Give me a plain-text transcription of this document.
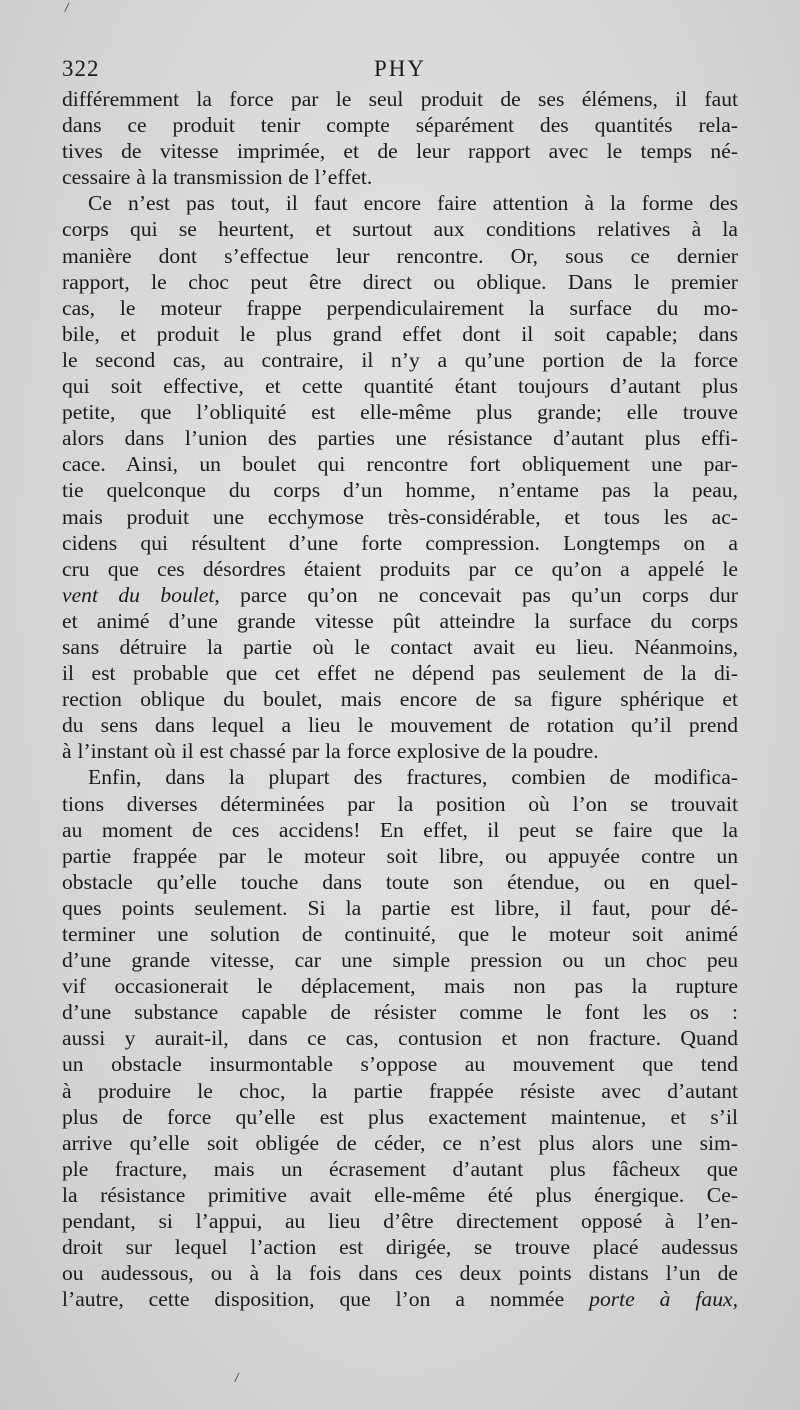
322	PHY
différemment la force par le seul produit de ses élémens, il faut
dans ce produit tenir compte séparément des quantités rela-
tives de vitesse imprimée, et de leur rapport avec le temps né-
cessaire à la transmission de l’effet.
Ce n’est pas tout, il faut encore faire attention à la forme des
corps qui se heurtent, et surtout aux conditions relatives à la
manière dont s’effectue leur rencontre. Or, sous ce dernier
rapport, le choc peut être direct ou oblique. Dans le premier
cas, le moteur frappe perpendiculairement la surface du mo-
bile, et produit le plus grand effet dont il soit capable; dans
le second cas, au contraire, il n’y a qu’une portion de la force
qui soit effective, et cette quantité étant toujours d’autant plus
petite, que l’obliquité est elle-même plus grande; elle trouve
alors dans l’union des parties une résistance d’autant plus effi-
cace. Ainsi, un boulet qui rencontre fort obliquement une par-
tie quelconque du corps d’un homme, n’entame pas la peau,
mais produit une ecchymose très-considérable, et tous les ac-
cidens qui résultent d’une forte compression. Longtemps on a
cru que ces désordres étaient produits par ce qu’on a appelé le
vent du boulet, parce qu’on ne concevait pas qu’un corps dur
et animé d’une grande vitesse pût atteindre la surface du corps
sans détruire la partie où le contact avait eu lieu. Néanmoins,
il est probable que cet effet ne dépend pas seulement de la di-
rection oblique du boulet, mais encore de sa figure sphérique et
du sens dans lequel a lieu le mouvement de rotation qu’il prend
à l’instant où il est chassé par la force explosive de la poudre.
Enfin, dans la plupart des fractures, combien de modifica-
tions diverses déterminées par la position où l’on se trouvait
au moment de ces accidens! En effet, il peut se faire que la
partie frappée par le moteur soit libre, ou appuyée contre un
obstacle qu’elle touche dans toute son étendue, ou en quel-
ques points seulement. Si la partie est libre, il faut, pour dé-
terminer une solution de continuité, que le moteur soit animé
d’une grande vitesse, car une simple pression ou un choc peu
vif occasionerait le déplacement, mais non pas la rupture
d’une substance capable de résister comme le font les os :
aussi y aurait-il, dans ce cas, contusion et non fracture. Quand
un obstacle insurmontable s’oppose au mouvement que tend
à produire le choc, la partie frappée résiste avec d’autant
plus de force qu’elle est plus exactement maintenue, et s’il
arrive qu’elle soit obligée de céder, ce n’est plus alors une sim-
ple fracture, mais un écrasement d’autant plus fâcheux que
la résistance primitive avait elle-même été plus énergique. Ce-
pendant, si l’appui, au lieu d’être directement opposé à l’en-
droit sur lequel l’action est dirigée, se trouve placé audessus
ou audessous, ou à la fois dans ces deux points distans l’un de
l’autre, cette disposition, que l’on a nommée porte à faux,
